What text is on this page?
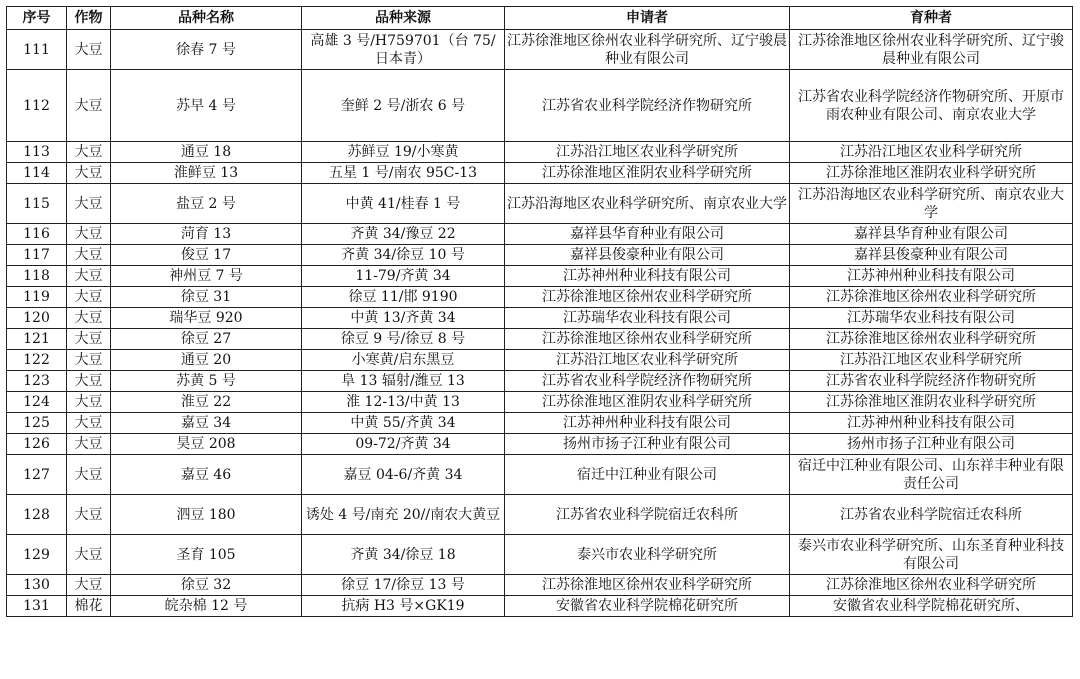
序号	作物	品种名称	品种来源	申请者	育种者
111	大豆	徐春 7 号	高雄 3 号/H759701（台 75/日本青）	江苏徐淮地区徐州农业科学研究所、辽宁骏晨种业有限公司	江苏徐淮地区徐州农业科学研究所、辽宁骏晨种业有限公司
112	大豆	苏早 4 号	奎鲜 2 号/浙农 6 号	江苏省农业科学院经济作物研究所	江苏省农业科学院经济作物研究所、开原市雨农种业有限公司、南京农业大学
113	大豆	通豆 18	苏鲜豆 19/小寒黄	江苏沿江地区农业科学研究所	江苏沿江地区农业科学研究所
114	大豆	淮鲜豆 13	五星 1 号/南农 95C-13	江苏徐淮地区淮阴农业科学研究所	江苏徐淮地区淮阴农业科学研究所
115	大豆	盐豆 2 号	中黄 41/桂春 1 号	江苏沿海地区农业科学研究所、南京农业大学	江苏沿海地区农业科学研究所、南京农业大学
116	大豆	菏育 13	齐黄 34/豫豆 22	嘉祥县华育种业有限公司	嘉祥县华育种业有限公司
117	大豆	俊豆 17	齐黄 34/徐豆 10 号	嘉祥县俊豪种业有限公司	嘉祥县俊豪种业有限公司
118	大豆	神州豆 7 号	11-79/齐黄 34	江苏神州种业科技有限公司	江苏神州种业科技有限公司
119	大豆	徐豆 31	徐豆 11/邯 9190	江苏徐淮地区徐州农业科学研究所	江苏徐淮地区徐州农业科学研究所
120	大豆	瑞华豆 920	中黄 13/齐黄 34	江苏瑞华农业科技有限公司	江苏瑞华农业科技有限公司
121	大豆	徐豆 27	徐豆 9 号/徐豆 8 号	江苏徐淮地区徐州农业科学研究所	江苏徐淮地区徐州农业科学研究所
122	大豆	通豆 20	小寒黄/启东黑豆	江苏沿江地区农业科学研究所	江苏沿江地区农业科学研究所
123	大豆	苏黄 5 号	阜 13 辐射/潍豆 13	江苏省农业科学院经济作物研究所	江苏省农业科学院经济作物研究所
124	大豆	淮豆 22	淮 12-13/中黄 13	江苏徐淮地区淮阴农业科学研究所	江苏徐淮地区淮阴农业科学研究所
125	大豆	嘉豆 34	中黄 55/齐黄 34	江苏神州种业科技有限公司	江苏神州种业科技有限公司
126	大豆	昊豆 208	09-72/齐黄 34	扬州市扬子江种业有限公司	扬州市扬子江种业有限公司
127	大豆	嘉豆 46	嘉豆 04-6/齐黄 34	宿迁中江种业有限公司	宿迁中江种业有限公司、山东祥丰种业有限责任公司
128	大豆	泗豆 180	诱处 4 号/南充 20//南农大黄豆	江苏省农业科学院宿迁农科所	江苏省农业科学院宿迁农科所
129	大豆	圣育 105	齐黄 34/徐豆 18	泰兴市农业科学研究所	泰兴市农业科学研究所、山东圣育种业科技有限公司
130	大豆	徐豆 32	徐豆 17/徐豆 13 号	江苏徐淮地区徐州农业科学研究所	江苏徐淮地区徐州农业科学研究所
131	棉花	皖杂棉 12 号	抗病 H3 号×GK19	安徽省农业科学院棉花研究所	安徽省农业科学院棉花研究所、
